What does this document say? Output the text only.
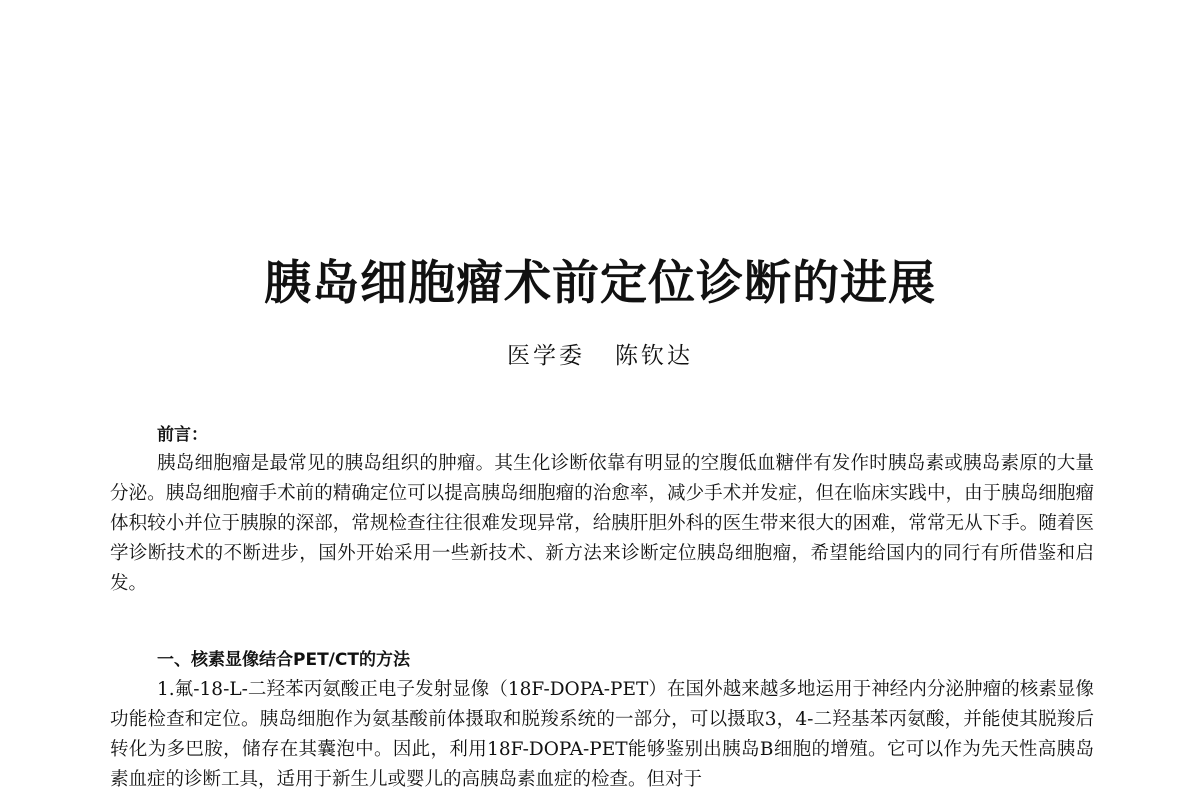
胰岛细胞瘤术前定位诊断的进展
医学委 陈钦达
前言：

胰岛细胞瘤是最常见的胰岛组织的肿瘤。其生化诊断依靠有明显的空腹低血糖伴有发作时胰岛素或胰岛素原的大量分泌。胰岛细胞瘤手术前的精确定位可以提高胰岛细胞瘤的治愈率，减少手术并发症，但在临床实践中，由于胰岛细胞瘤体积较小并位于胰腺的深部，常规检查往往很难发现异常，给胰肝胆外科的医生带来很大的困难，常常无从下手。随着医学诊断技术的不断进步，国外开始采用一些新技术、新方法来诊断定位胰岛细胞瘤，希望能给国内的同行有所借鉴和启发。

一、核素显像结合PET/CT的方法

1.氟-18-L-二羟苯丙氨酸正电子发射显像（18F-DOPA-PET）在国外越来越多地运用于神经内分泌肿瘤的核素显像功能检查和定位。胰岛细胞作为氨基酸前体摄取和脱羧系统的一部分，可以摄取3，4-二羟基苯丙氨酸，并能使其脱羧后转化为多巴胺，储存在其囊泡中。因此，利用18F-DOPA-PET能够鉴别出胰岛B细胞的增殖。它可以作为先天性高胰岛素血症的诊断工具，适用于新生儿或婴儿的高胰岛素血症的检查。但对于
